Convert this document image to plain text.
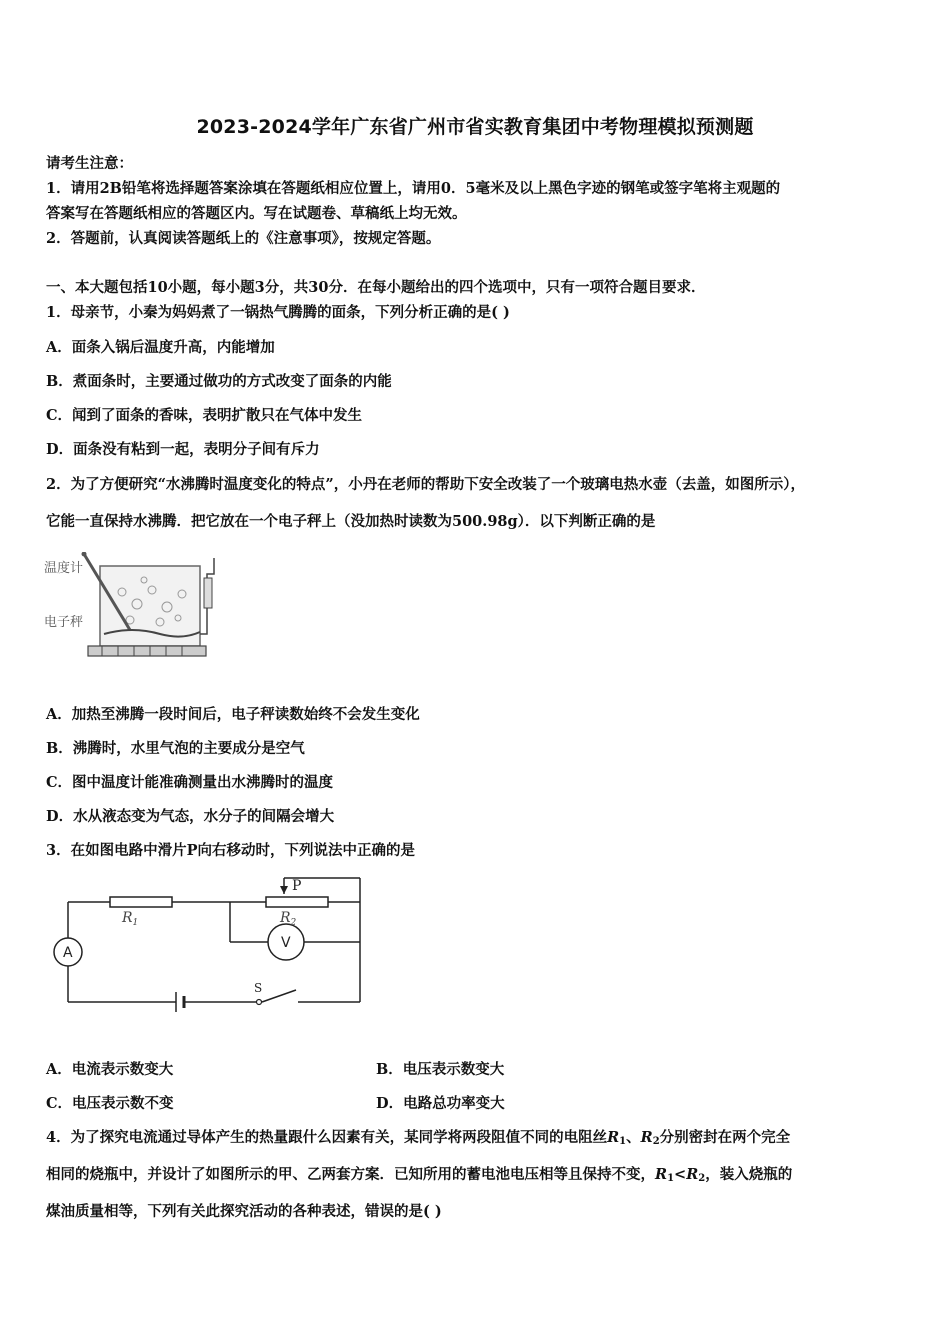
2023-2024学年广东省广州市省实教育集团中考物理模拟预测题
请考生注意：
1．请用2B铅笔将选择题答案涂填在答题纸相应位置上，请用0．5毫米及以上黑色字迹的钢笔或签字笔将主观题的
答案写在答题纸相应的答题区内。写在试题卷、草稿纸上均无效。
2．答题前，认真阅读答题纸上的《注意事项》，按规定答题。
一、本大题包括10小题，每小题3分，共30分．在每小题给出的四个选项中，只有一项符合题目要求．
1．母亲节，小秦为妈妈煮了一锅热气腾腾的面条，下列分析正确的是( )
A．面条入锅后温度升高，内能增加
B．煮面条时，主要通过做功的方式改变了面条的内能
C．闻到了面条的香味，表明扩散只在气体中发生
D．面条没有粘到一起，表明分子间有斥力
2．为了方便研究“水沸腾时温度变化的特点”，小丹在老师的帮助下安全改装了一个玻璃电热水壶（去盖，如图所示），
它能一直保持水沸腾．把它放在一个电子秤上（没加热时读数为500.98g）．以下判断正确的是
温度计
电子秤
A．加热至沸腾一段时间后，电子秤读数始终不会发生变化
B．沸腾时，水里气泡的主要成分是空气
C．图中温度计能准确测量出水沸腾时的温度
D．水从液态变为气态，水分子的间隔会增大
3．在如图电路中滑片P向右移动时，下列说法中正确的是
P
$R_1$	$R_2$
A
V
S
A．电流表示数变大	B．电压表示数变大
C．电压表示数不变	D．电路总功率变大
4．为了探究电流通过导体产生的热量跟什么因素有关，某同学将两段阻值不同的电阻丝R1、R2分别密封在两个完全
相同的烧瓶中，并设计了如图所示的甲、乙两套方案．已知所用的蓄电池电压相等且保持不变，R1<R2，装入烧瓶的
煤油质量相等，下列有关此探究活动的各种表述，错误的是( )
